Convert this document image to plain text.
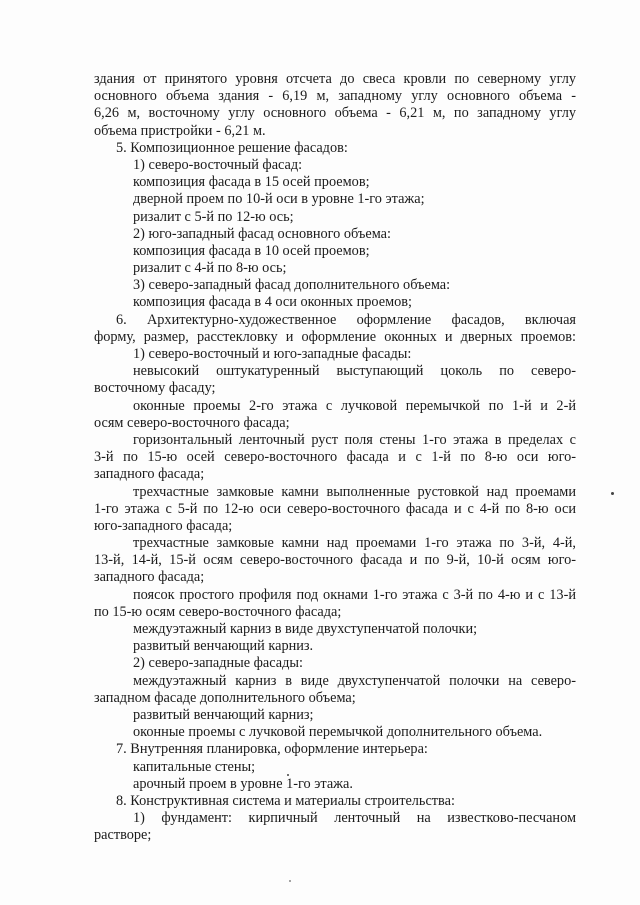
здания от принятого уровня отсчета до свеса кровли по северному углу
основного объема здания - 6,19 м, западному углу основного объема -
6,26 м, восточному углу основного объема - 6,21 м, по западному углу
объема пристройки - 6,21 м.
5. Композиционное решение фасадов:
1) северо-восточный фасад:
композиция фасада в 15 осей проемов;
дверной проем по 10-й оси в уровне 1-го этажа;
ризалит с 5-й по 12-ю ось;
2) юго-западный фасад основного объема:
композиция фасада в 10 осей проемов;
ризалит с 4-й по 8-ю ось;
3) северо-западный фасад дополнительного объема:
композиция фасада в 4 оси оконных проемов;
6. Архитектурно-художественное оформление фасадов, включая
форму, размер, расстекловку и оформление оконных и дверных проемов:
1) северо-восточный и юго-западные фасады:
невысокий оштукатуренный выступающий цоколь по северо-
восточному фасаду;
оконные проемы 2-го этажа с лучковой перемычкой по 1-й и 2-й
осям северо-восточного фасада;
горизонтальный ленточный руст поля стены 1-го этажа в пределах с
3-й по 15-ю осей северо-восточного фасада и с 1-й по 8-ю оси юго-
западного фасада;
трехчастные замковые камни выполненные рустовкой над проемами
1-го этажа с 5-й по 12-ю оси северо-восточного фасада и с 4-й по 8-ю оси
юго-западного фасада;
трехчастные замковые камни над проемами 1-го этажа по 3-й, 4-й,
13-й, 14-й, 15-й осям северо-восточного фасада и по 9-й, 10-й осям юго-
западного фасада;
поясок простого профиля под окнами 1-го этажа с 3-й по 4-ю и с 13-й
по 15-ю осям северо-восточного фасада;
междуэтажный карниз в виде двухступенчатой полочки;
развитый венчающий карниз.
2) северо-западные фасады:
междуэтажный карниз в виде двухступенчатой полочки на северо-
западном фасаде дополнительного объема;
развитый венчающий карниз;
оконные проемы с лучковой перемычкой дополнительного объема.
7. Внутренняя планировка, оформление интерьера:
капитальные стены;
арочный проем в уровне 1-го этажа.
8. Конструктивная система и материалы строительства:
1) фундамент: кирпичный ленточный на известково-песчаном
растворе;
